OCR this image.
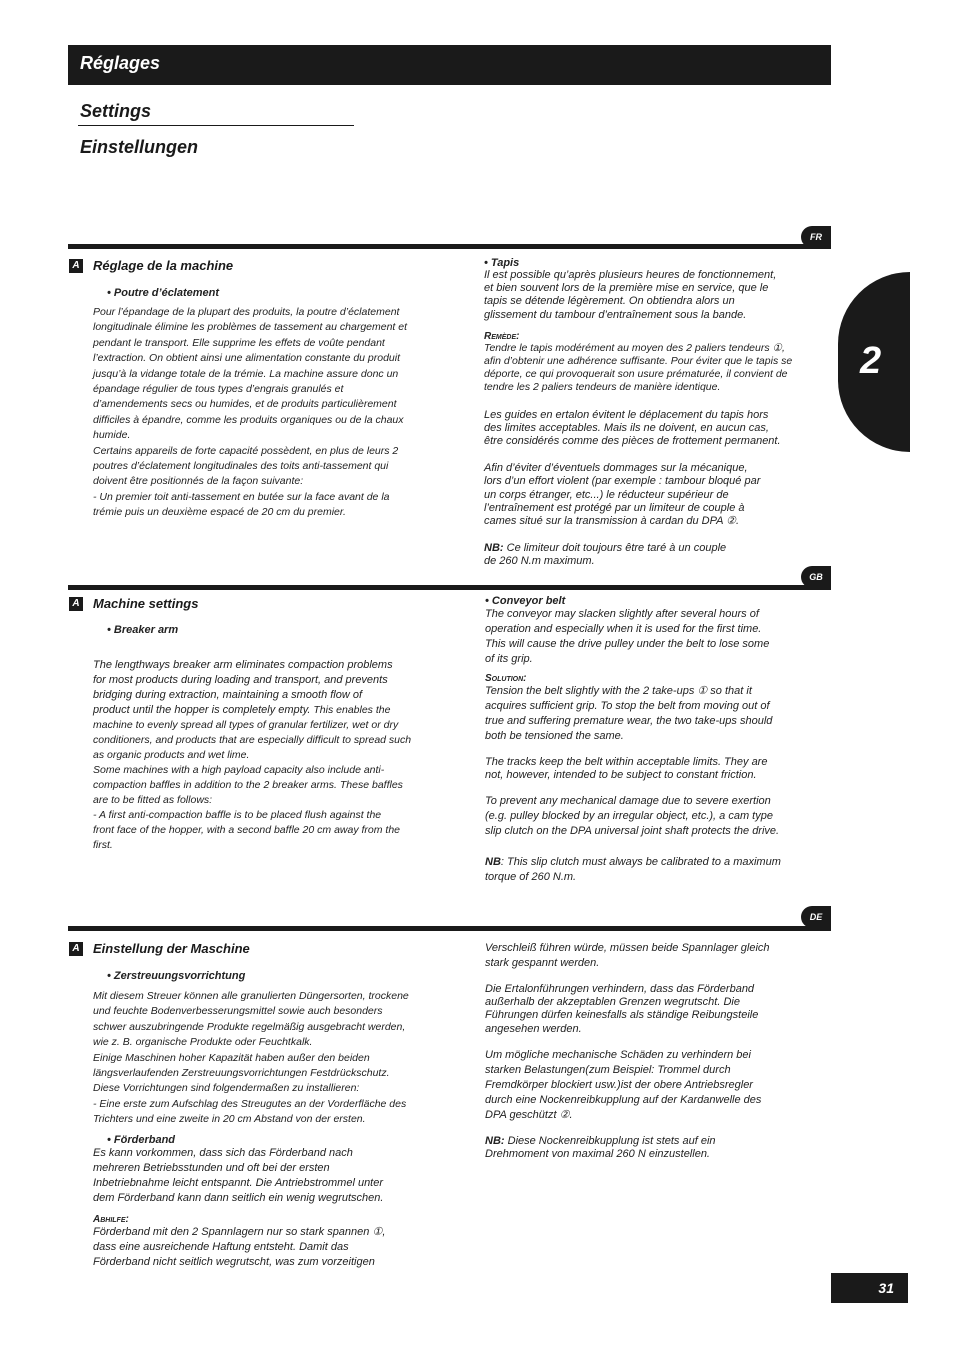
Réglages
Settings
Einstellungen
2
FR
A Réglage de la machine
• Poutre d’éclatement
Pour l’épandage de la plupart des produits, la poutre d’éclatement
longitudinale élimine les problèmes de tassement au chargement et
pendant le transport. Elle supprime les effets de voûte pendant
l’extraction. On obtient ainsi une alimentation constante du produit
jusqu’à la vidange totale de la trémie. La machine assure donc un
épandage régulier de tous types d’engrais granulés et
d’amendements secs ou humides, et de produits particulièrement
difficiles à épandre, comme les produits organiques ou de la chaux
humide.
Certains appareils de forte capacité possèdent, en plus de leurs 2
poutres d’éclatement longitudinales des toits anti-tassement qui
doivent être positionnés de la façon suivante:
- Un premier toit anti-tassement en butée sur la face avant de la
trémie puis un deuxième espacé de 20 cm du premier.
• Tapis
Il est possible qu’après plusieurs heures de fonctionnement,
et bien souvent lors de la première mise en service, que le
tapis se détende légèrement. On obtiendra alors un
glissement du tambour d’entraînement sous la bande.
Remède:
Tendre le tapis modérément au moyen des 2 paliers tendeurs ①,
afin d’obtenir une adhérence suffisante. Pour éviter que le tapis se
déporte, ce qui provoquerait son usure prématurée, il convient de
tendre les 2 paliers tendeurs de manière identique.
Les guides en ertalon évitent le déplacement du tapis hors
des limites acceptables. Mais ils ne doivent, en aucun cas,
être considérés comme des pièces de frottement permanent.
Afin d’éviter d’éventuels dommages sur la mécanique,
lors d’un effort violent (par exemple : tambour bloqué par
un corps étranger, etc...) le réducteur supérieur de
l’entraînement est protégé par un limiteur de couple à
cames situé sur la transmission à cardan du DPA ②.
NB: Ce limiteur doit toujours être taré à un couple
de 260 N.m maximum.
GB
A Machine settings
• Breaker arm
The lengthways breaker arm eliminates compaction problems
for most products during loading and transport, and prevents
bridging during extraction, maintaining a smooth flow of
product until the hopper is completely empty. This enables the
machine to evenly spread all types of granular fertilizer, wet or dry
conditioners, and products that are especially difficult to spread such
as organic products and wet lime.
Some machines with a high payload capacity also include anti-
compaction baffles in addition to the 2 breaker arms. These baffles
are to be fitted as follows:
- A first anti-compaction baffle is to be placed flush against the
front face of the hopper, with a second baffle 20 cm away from the
first.
• Conveyor belt
The conveyor may slacken slightly after several hours of
operation and especially when it is used for the first time.
This will cause the drive pulley under the belt to lose some
of its grip.
Solution:
Tension the belt slightly with the 2 take-ups ① so that it
acquires sufficient grip. To stop the belt from moving out of
true and suffering premature wear, the two take-ups should
both be tensioned the same.
The tracks keep the belt within acceptable limits. They are
not, however, intended to be subject to constant friction.
To prevent any mechanical damage due to severe exertion
(e.g. pulley blocked by an irregular object, etc.), a cam type
slip clutch on the DPA universal joint shaft protects the drive.
NB: This slip clutch must always be calibrated to a maximum
torque of 260 N.m.
DE
A Einstellung der Maschine
• Zerstreuungsvorrichtung
Mit diesem Streuer können alle granulierten Düngersorten, trockene
und feuchte Bodenverbesserungsmittel sowie auch besonders
schwer auszubringende Produkte regelmäßig ausgebracht werden,
wie z. B. organische Produkte oder Feuchtkalk.
Einige Maschinen hoher Kapazität haben außer den beiden
längsverlaufenden Zerstreuungsvorrichtungen Festdrückschutz.
Diese Vorrichtungen sind folgendermaßen zu installieren:
- Eine erste zum Aufschlag des Streugutes an der Vorderfläche des
Trichters und eine zweite in 20 cm Abstand von der ersten.
• Förderband
Es kann vorkommen, dass sich das Förderband nach
mehreren Betriebsstunden und oft bei der ersten
Inbetriebnahme leicht entspannt. Die Antriebstrommel unter
dem Förderband kann dann seitlich ein wenig wegrutschen.
Abhilfe:
Förderband mit den 2 Spannlagern nur so stark spannen ①,
dass eine ausreichende Haftung entsteht. Damit das
Förderband nicht seitlich wegrutscht, was zum vorzeitigen
Verschleiß führen würde, müssen beide Spannlager gleich
stark gespannt werden.
Die Ertalonführungen verhindern, dass das Förderband
außerhalb der akzeptablen Grenzen wegrutscht. Die
Führungen dürfen keinesfalls als ständige Reibungsteile
angesehen werden.
Um mögliche mechanische Schäden zu verhindern bei
starken Belastungen(zum Beispiel: Trommel durch
Fremdkörper blockiert usw.)ist der obere Antriebsregler
durch eine Nockenreibkupplung auf der Kardanwelle des
DPA geschützt ②.
NB: Diese Nockenreibkupplung ist stets auf ein
Drehmoment von maximal 260 N einzustellen.
31
